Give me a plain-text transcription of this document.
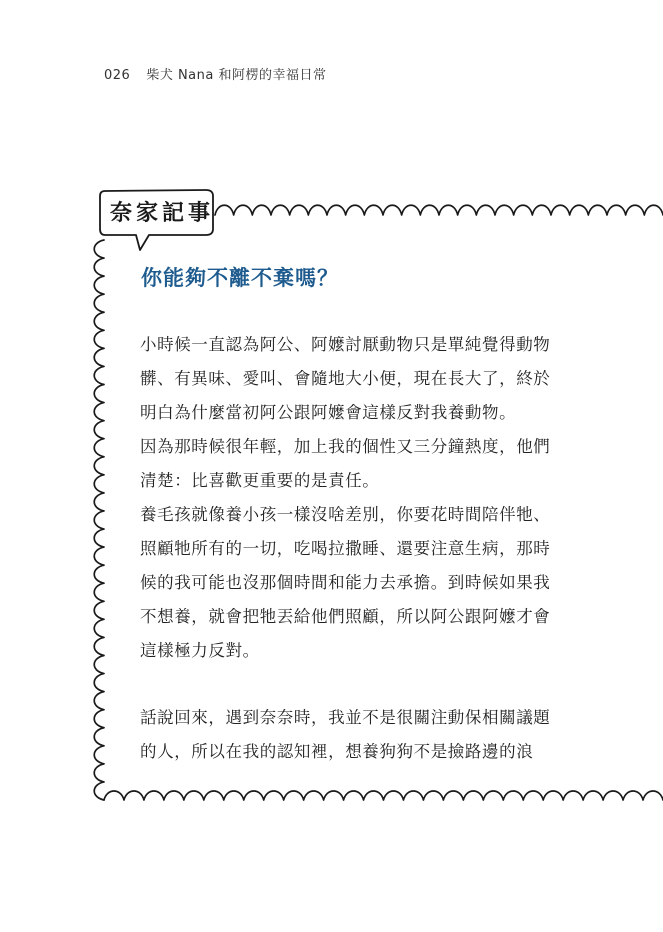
026 柴犬 Nana 和阿楞的幸福日常
奈家記事
你能夠不離不棄嗎？
小時候一直認為阿公、阿嬤討厭動物只是單純覺得動物
髒、有異味、愛叫、會隨地大小便，現在長大了，終於
明白為什麼當初阿公跟阿嬤會這樣反對我養動物。
因為那時候很年輕，加上我的個性又三分鐘熱度，他們
清楚：比喜歡更重要的是責任。
養毛孩就像養小孩一樣沒啥差別，你要花時間陪伴牠、
照顧牠所有的一切，吃喝拉撒睡、還要注意生病，那時
候的我可能也沒那個時間和能力去承擔。到時候如果我
不想養，就會把牠丟給他們照顧，所以阿公跟阿嬤才會
這樣極力反對。
話說回來，遇到奈奈時，我並不是很關注動保相關議題
的人，所以在我的認知裡，想養狗狗不是撿路邊的浪
